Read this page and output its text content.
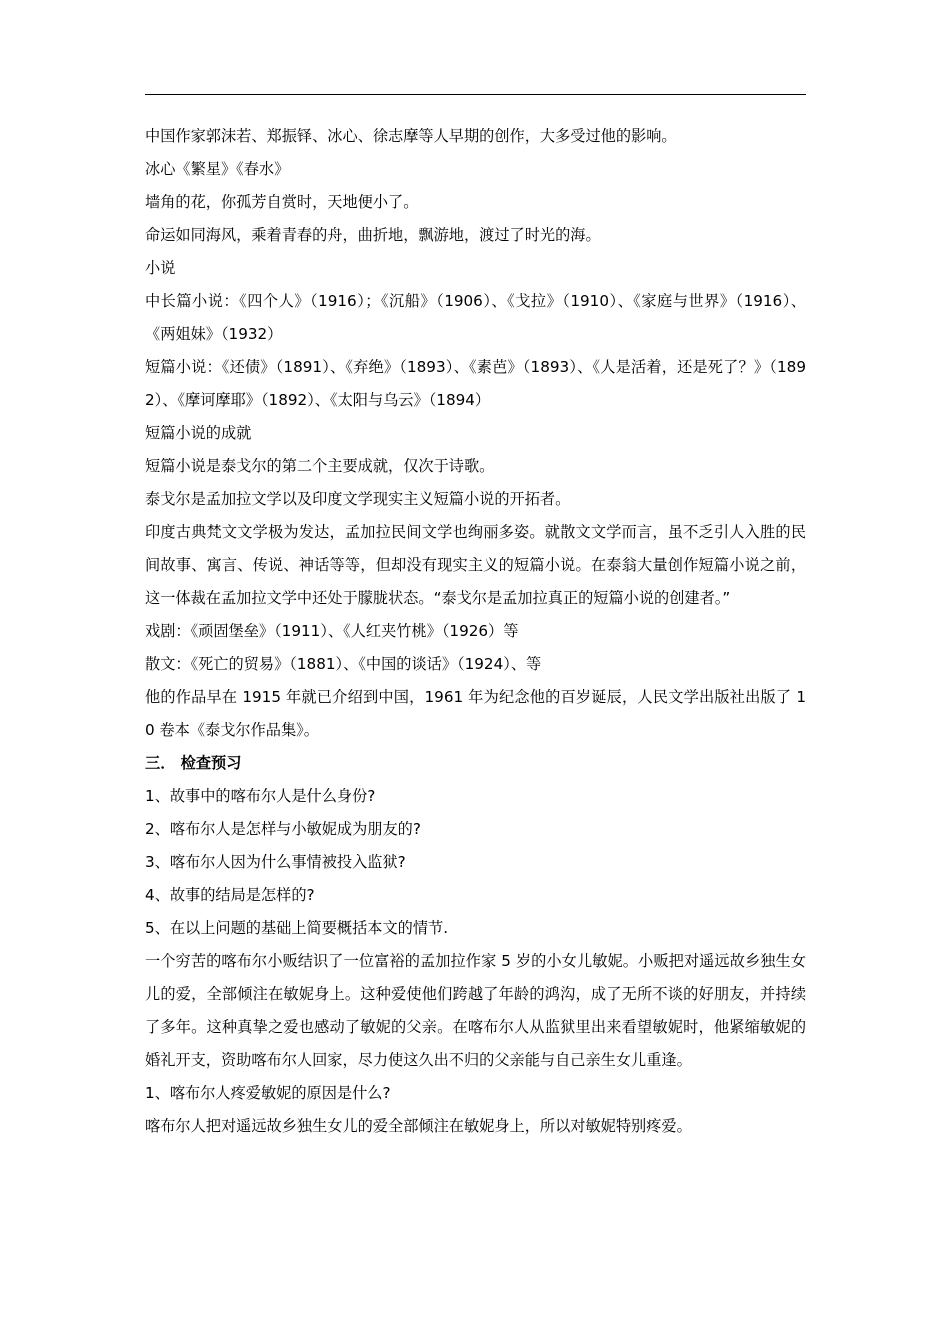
中国作家郭沫若、郑振铎、冰心、徐志摩等人早期的创作，大多受过他的影响。

冰心《繁星》《春水》

墙角的花，你孤芳自赏时，天地便小了。

命运如同海风，乘着青春的舟，曲折地，飘游地，渡过了时光的海。

小说

中长篇小说：《四个人》（1916）；《沉船》（1906）、《戈拉》（1910）、《家庭与世界》（1916）、《两姐妹》（1932）

短篇小说：《还债》（1891）、《弃绝》（1893）、《素芭》（1893）、《人是活着，还是死了？》（1892）、《摩诃摩耶》（1892）、《太阳与乌云》（1894）

短篇小说的成就

短篇小说是泰戈尔的第二个主要成就，仅次于诗歌。

泰戈尔是孟加拉文学以及印度文学现实主义短篇小说的开拓者。

印度古典梵文文学极为发达，孟加拉民间文学也绚丽多姿。就散文文学而言，虽不乏引人入胜的民间故事、寓言、传说、神话等等，但却没有现实主义的短篇小说。在泰翁大量创作短篇小说之前，这一体裁在孟加拉文学中还处于朦胧状态。“泰戈尔是孟加拉真正的短篇小说的创建者。”

戏剧：《顽固堡垒》（1911）、《人红夹竹桃》（1926）等

散文：《死亡的贸易》（1881）、《中国的谈话》（1924）、等

他的作品早在 1915 年就已介绍到中国，1961 年为纪念他的百岁诞辰，人民文学出版社出版了 10 卷本《泰戈尔作品集》。

三． 检查预习

1、故事中的喀布尔人是什么身份?

2、喀布尔人是怎样与小敏妮成为朋友的?

3、喀布尔人因为什么事情被投入监狱?

4、故事的结局是怎样的?

5、在以上问题的基础上简要概括本文的情节.

一个穷苦的喀布尔小贩结识了一位富裕的孟加拉作家 5 岁的小女儿敏妮。小贩把对遥远故乡独生女儿的爱，全部倾注在敏妮身上。这种爱使他们跨越了年龄的鸿沟，成了无所不谈的好朋友，并持续了多年。这种真挚之爱也感动了敏妮的父亲。在喀布尔人从监狱里出来看望敏妮时，他紧缩敏妮的婚礼开支，资助喀布尔人回家，尽力使这久出不归的父亲能与自己亲生女儿重逢。

1、喀布尔人疼爱敏妮的原因是什么?

喀布尔人把对遥远故乡独生女儿的爱全部倾注在敏妮身上，所以对敏妮特别疼爱。
